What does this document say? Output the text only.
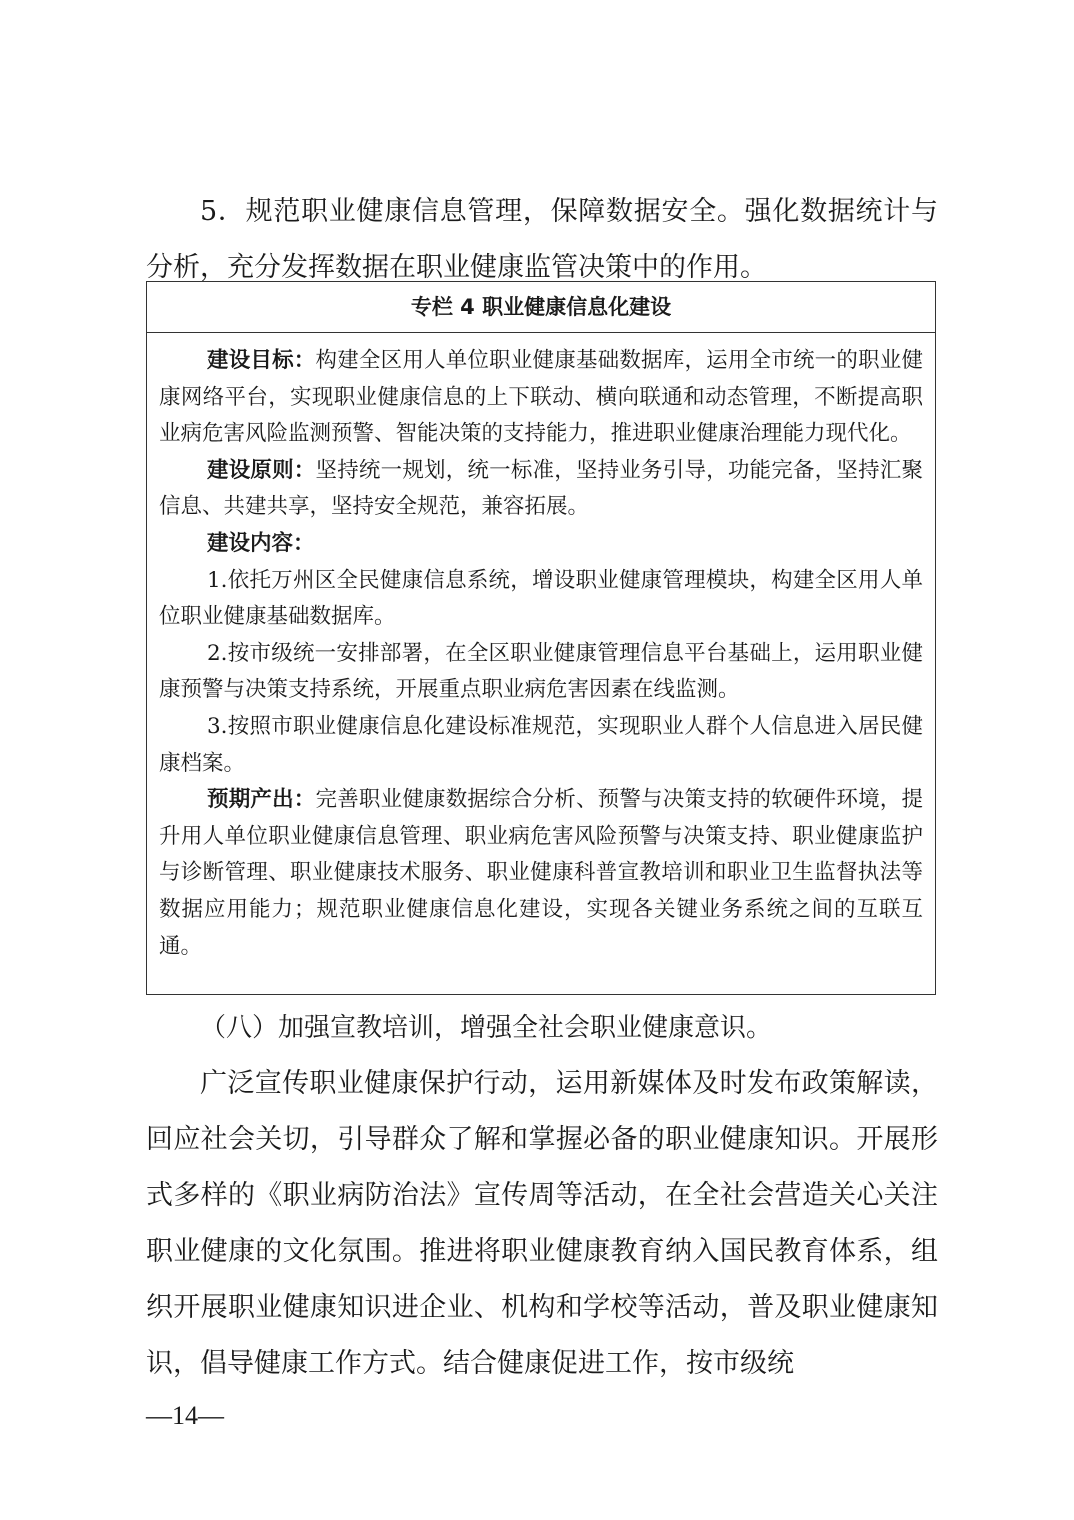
5．规范职业健康信息管理，保障数据安全。强化数据统计与分析，充分发挥数据在职业健康监管决策中的作用。

专栏 4 职业健康信息化建设

建设目标：构建全区用人单位职业健康基础数据库，运用全市统一的职业健康网络平台，实现职业健康信息的上下联动、横向联通和动态管理，不断提高职业病危害风险监测预警、智能决策的支持能力，推进职业健康治理能力现代化。

建设原则：坚持统一规划，统一标准，坚持业务引导，功能完备，坚持汇聚信息、共建共享，坚持安全规范，兼容拓展。

建设内容：

1.依托万州区全民健康信息系统，增设职业健康管理模块，构建全区用人单位职业健康基础数据库。

2.按市级统一安排部署，在全区职业健康管理信息平台基础上，运用职业健康预警与决策支持系统，开展重点职业病危害因素在线监测。

3.按照市职业健康信息化建设标准规范，实现职业人群个人信息进入居民健康档案。

预期产出：完善职业健康数据综合分析、预警与决策支持的软硬件环境，提升用人单位职业健康信息管理、职业病危害风险预警与决策支持、职业健康监护与诊断管理、职业健康技术服务、职业健康科普宣教培训和职业卫生监督执法等数据应用能力；规范职业健康信息化建设，实现各关键业务系统之间的互联互通。

（八）加强宣教培训，增强全社会职业健康意识。

广泛宣传职业健康保护行动，运用新媒体及时发布政策解读，回应社会关切，引导群众了解和掌握必备的职业健康知识。开展形式多样的《职业病防治法》宣传周等活动，在全社会营造关心关注职业健康的文化氛围。推进将职业健康教育纳入国民教育体系，组织开展职业健康知识进企业、机构和学校等活动，普及职业健康知识，倡导健康工作方式。结合健康促进工作，按市级统

—14—
